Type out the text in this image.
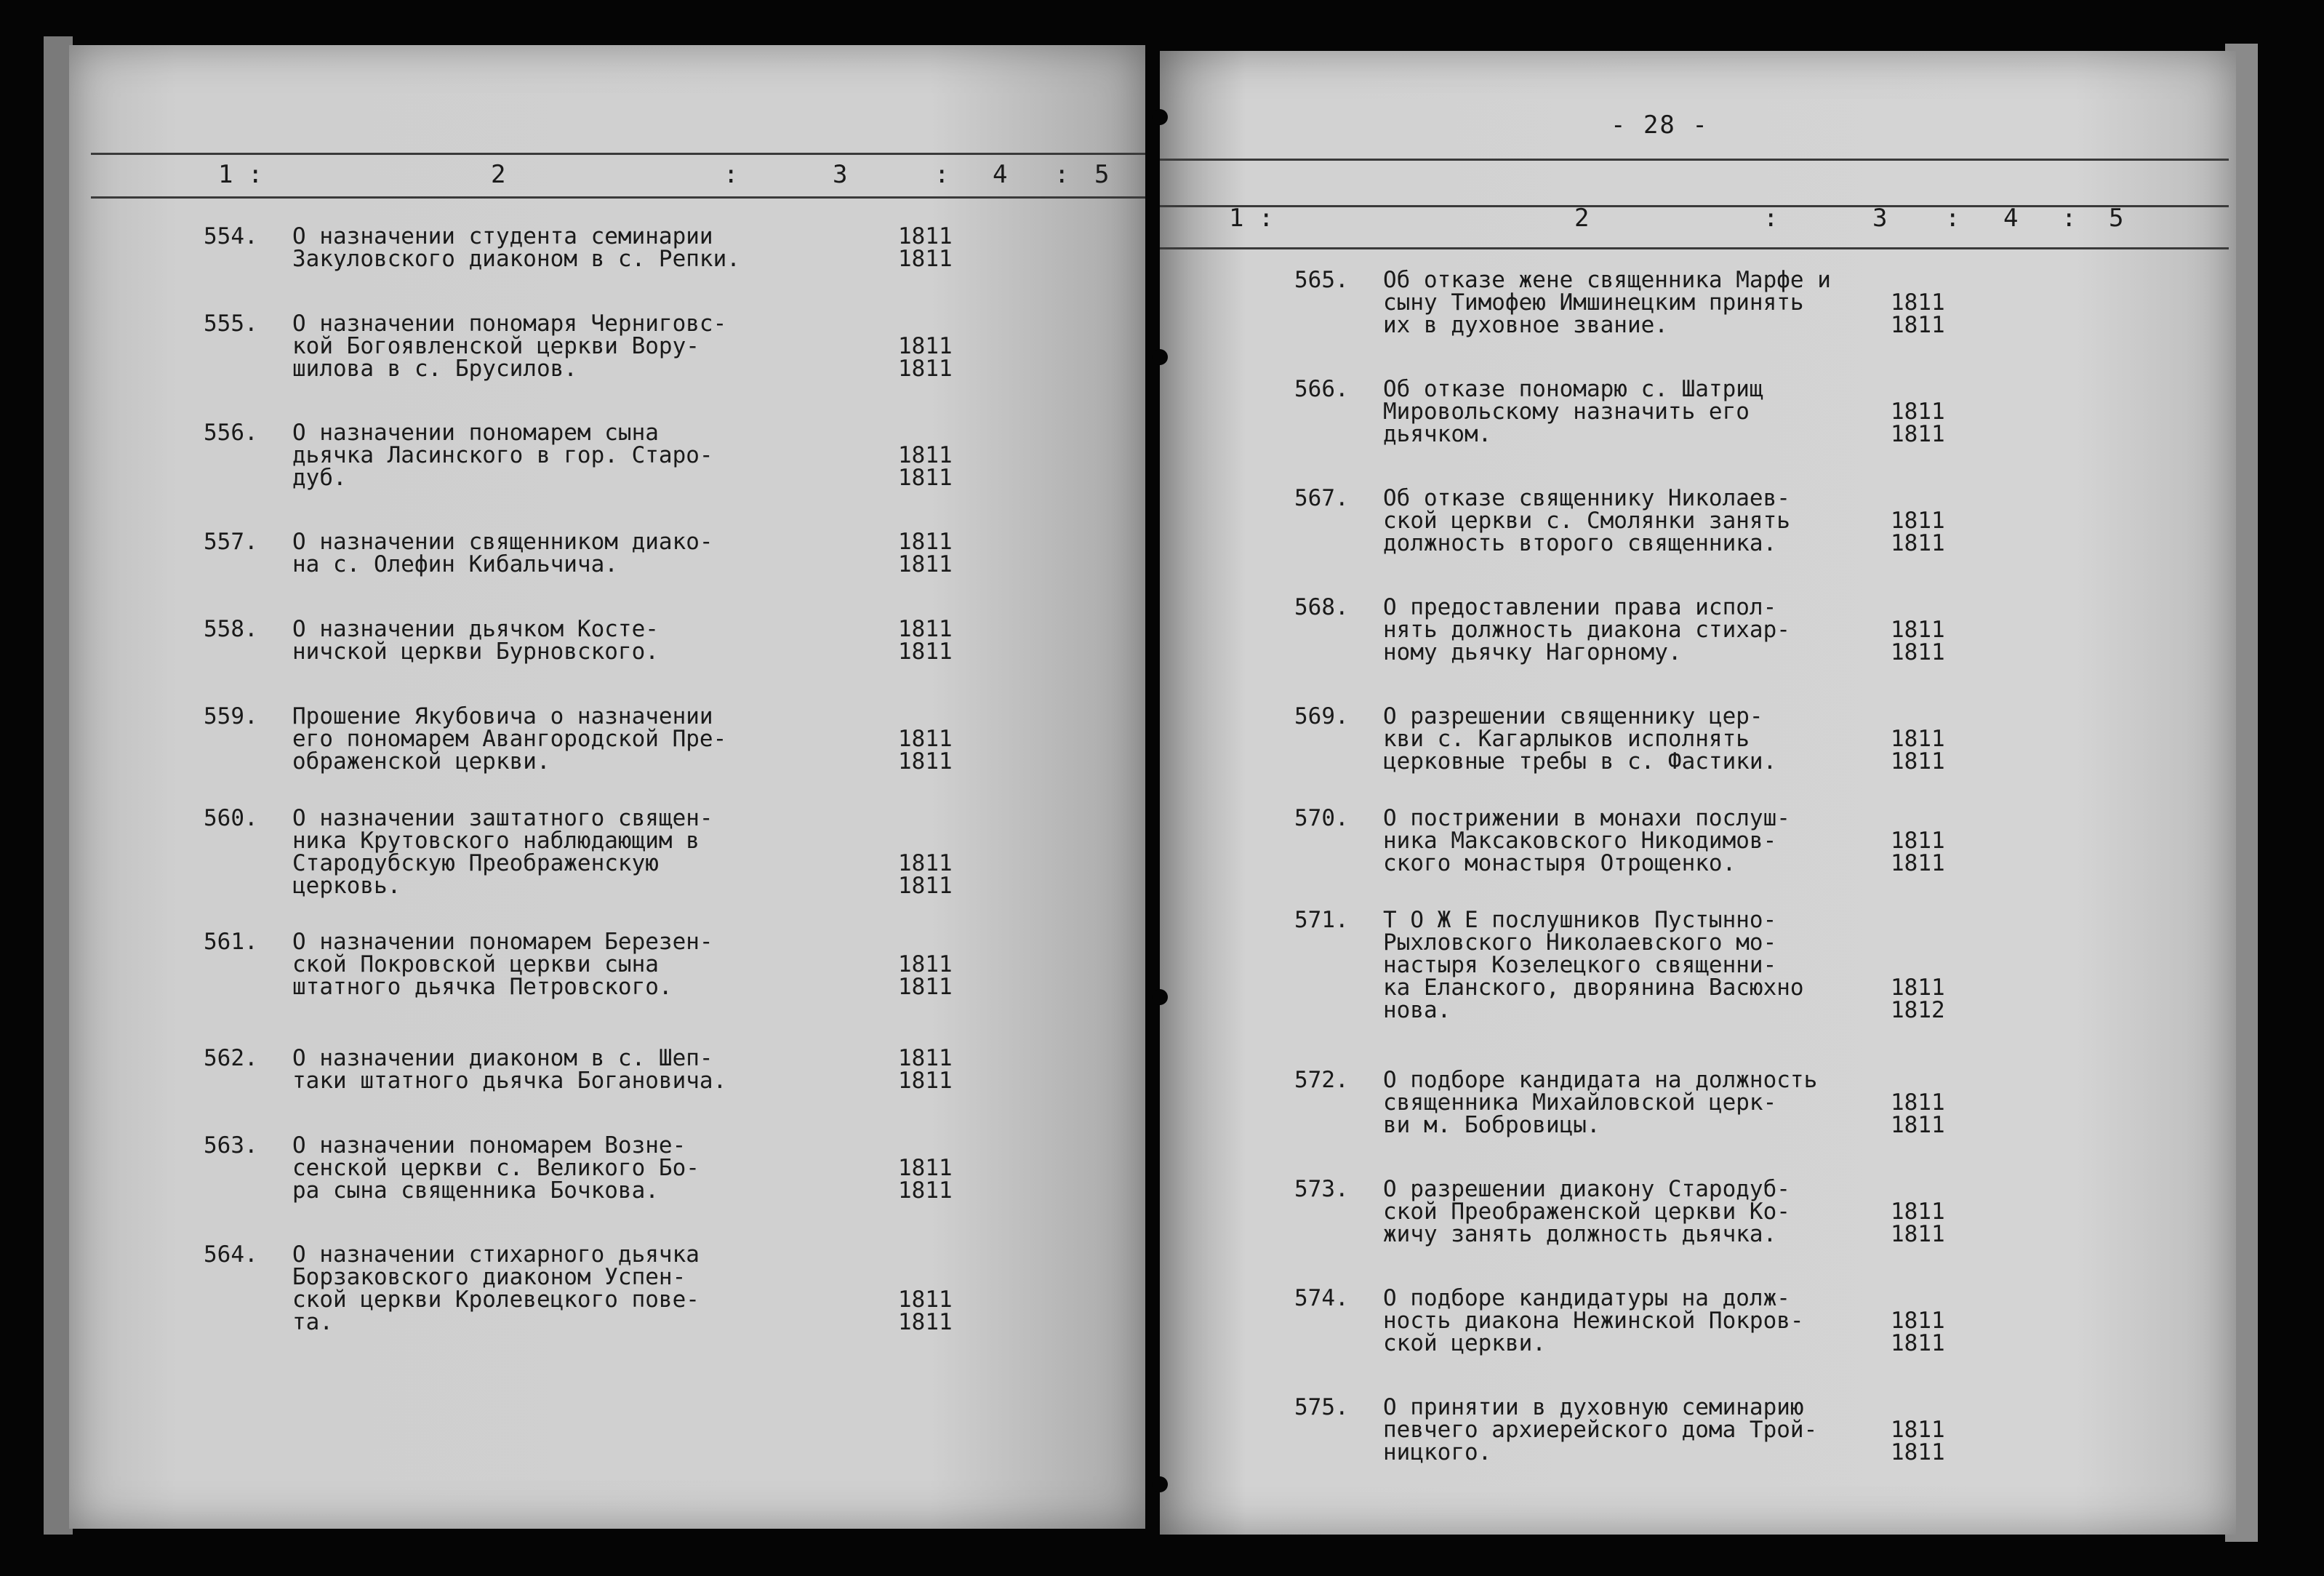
1 :	2	:	3	: 4 : 5
554.	О назначении студента семинарии
Закуловского диаконом в с. Репки.
1811
1811
555.	О назначении пономаря Черниговс-
кой Богоявленской церкви Вору-
шилова в с. Брусилов.
1811
1811
556.	О назначении пономарем сына
дьячка Ласинского в гор. Старо-
дуб.
1811
1811
557.	О назначении священником диако-
на с. Олефин Кибальчича.
1811
1811
558.	О назначении дьячком Косте-
ничской церкви Бурновского.
1811
1811
559.	Прошение Якубовича о назначении
его пономарем Авангородской Пре-
ображенской церкви.
1811
1811
560.	О назначении заштатного священ-
ника Крутовского наблюдающим в
Стародубскую Преображенскую
церковь.
1811
1811
561.	О назначении пономарем Березен-
ской Покровской церкви сына
штатного дьячка Петровского.
1811
1811
562.	О назначении диаконом в с. Шеп-
таки штатного дьячка Богановича.
1811
1811
563.	О назначении пономарем Возне-
сенской церкви с. Великого Бо-
ра сына священника Бочкова.
1811
1811
564.	О назначении стихарного дьячка
Борзаковского диаконом Успен-
ской церкви Кролевецкого пове-
та.
1811
1811
- 28 -
1 :	2	:	3 : 4 : 5
565.	Об отказе жене священника Марфе и
сыну Тимофею Имшинецким принять
их в духовное звание.
1811
1811
566.	Об отказе пономарю с. Шатрищ
Мировольскому назначить его
дьячком.
1811
1811
567.	Об отказе священнику Николаев-
ской церкви с. Смолянки занять
должность второго священника.
1811
1811
568.	О предоставлении права испол-
нять должность диакона стихар-
ному дьячку Нагорному.
1811
1811
569.	О разрешении священнику цер-
кви с. Кагарлыков исполнять
церковные требы в с. Фастики.
1811
1811
570.	О пострижении в монахи послуш-
ника Максаковского Никодимов-
ского монастыря Отрощенко.
1811
1811
571.	Т О Ж Е послушников Пустынно-
Рыхловского Николаевского мо-
настыря Козелецкого священни-
ка Еланского, дворянина Васюхно
нова.
1811
1812
572.	О подборе кандидата на должность
священника Михайловской церк-
ви м. Бобровицы.
1811
1811
573.	О разрешении диакону Стародуб-
ской Преображенской церкви Ко-
жичу занять должность дьячка.
1811
1811
574.	О подборе кандидатуры на долж-
ность диакона Нежинской Покров-
ской церкви.
1811
1811
575.	О принятии в духовную семинарию
певчего архиерейского дома Трой-
ницкого.
1811
1811
